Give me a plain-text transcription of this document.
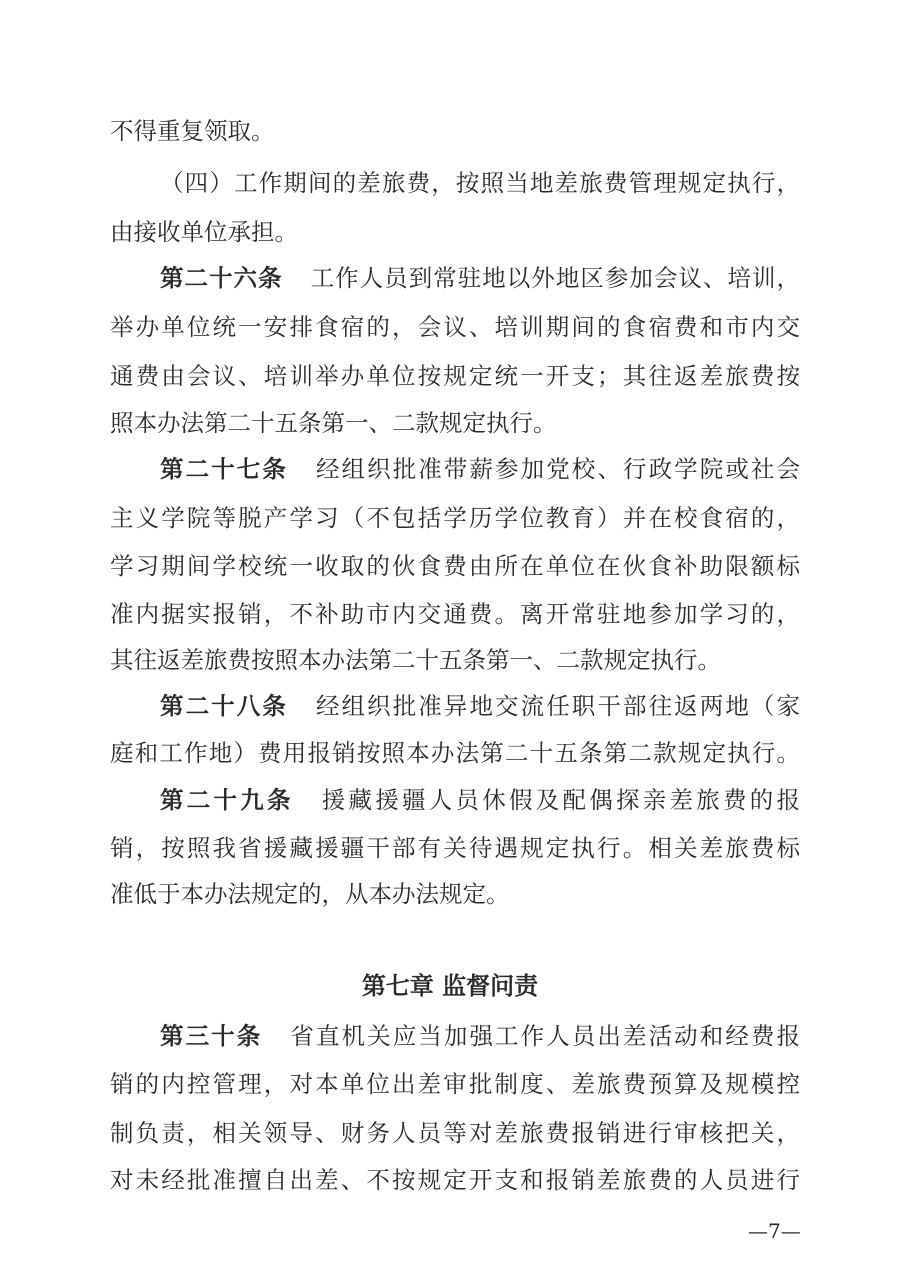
不得重复领取。
（四）工作期间的差旅费，按照当地差旅费管理规定执行，
由接收单位承担。
第二十六条 工作人员到常驻地以外地区参加会议、培训，
举办单位统一安排食宿的，会议、培训期间的食宿费和市内交
通费由会议、培训举办单位按规定统一开支；其往返差旅费按
照本办法第二十五条第一、二款规定执行。
第二十七条 经组织批准带薪参加党校、行政学院或社会
主义学院等脱产学习（不包括学历学位教育）并在校食宿的，
学习期间学校统一收取的伙食费由所在单位在伙食补助限额标
准内据实报销，不补助市内交通费。离开常驻地参加学习的，
其往返差旅费按照本办法第二十五条第一、二款规定执行。
第二十八条 经组织批准异地交流任职干部往返两地（家
庭和工作地）费用报销按照本办法第二十五条第二款规定执行。
第二十九条 援藏援疆人员休假及配偶探亲差旅费的报
销，按照我省援藏援疆干部有关待遇规定执行。相关差旅费标
准低于本办法规定的，从本办法规定。
第七章 监督问责
第三十条 省直机关应当加强工作人员出差活动和经费报
销的内控管理，对本单位出差审批制度、差旅费预算及规模控
制负责，相关领导、财务人员等对差旅费报销进行审核把关，
对未经批准擅自出差、不按规定开支和报销差旅费的人员进行
—7—
